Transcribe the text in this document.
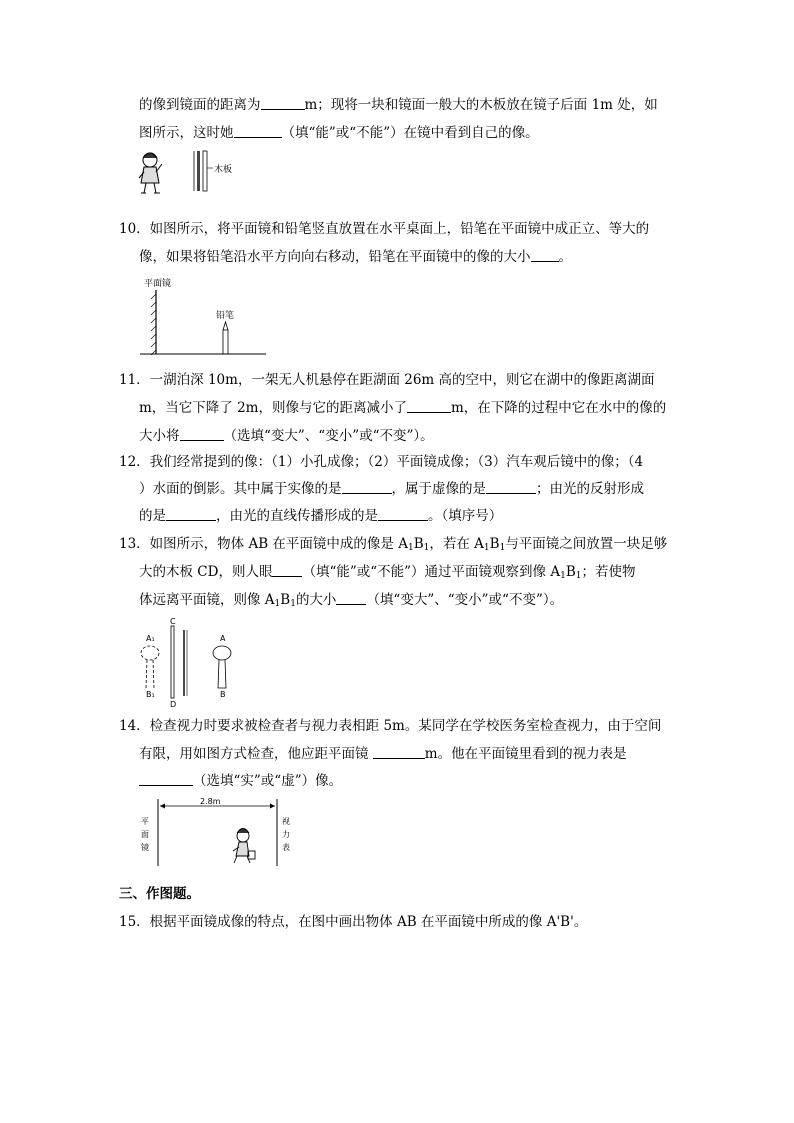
的像到镜面的距离为	m；现将一块和镜面一般大的木板放在镜子后面 1m 处，如
图所示，这时她	（填“能”或“不能”）在镜中看到自己的像。
木板
10．如图所示，将平面镜和铅笔竖直放置在水平桌面上，铅笔在平面镜中成正立、等大的
像，如果将铅笔沿水平方向向右移动，铅笔在平面镜中的像的大小 。
平面镜
铅笔
11．一湖泊深 10m，一架无人机悬停在距湖面 26m 高的空中，则它在湖中的像距离湖面
m，当它下降了 2m，则像与它的距离减小了	m，在下降的过程中它在水中的像的
大小将	（选填“变大”、“变小”或“不变”）。
12．我们经常提到的像：（1）小孔成像；（2）平面镜成像；（3）汽车观后镜中的像；（4
）水面的倒影。其中属于实像的是	，属于虚像的是	；由光的反射形成
的是	，由光的直线传播形成的是	。（填序号）
13．如图所示，物体 AB 在平面镜中成的像是 $A_1B_1$，若在 $A_1B_1$与平面镜之间放置一块足够
大的木板 CD，则人眼 （填“能”或“不能”）通过平面镜观察到像 $A_1B_1$；若使物
体远离平面镜，则像 $A_1B_1$的大小 （填“变大”、“变小”或“不变”）。
A₁
B₁
C
D
A
B
14．检查视力时要求被检查者与视力表相距 5m。某同学在学校医务室检查视力，由于空间
有限，用如图方式检查，他应距平面镜	m。他在平面镜里看到的视力表是
（选填“实”或“虚”）像。
2.8m
平
面
镜
视
力
表
三、作图题。
15．根据平面镜成像的特点，在图中画出物体 AB 在平面镜中所成的像 A'B'。
